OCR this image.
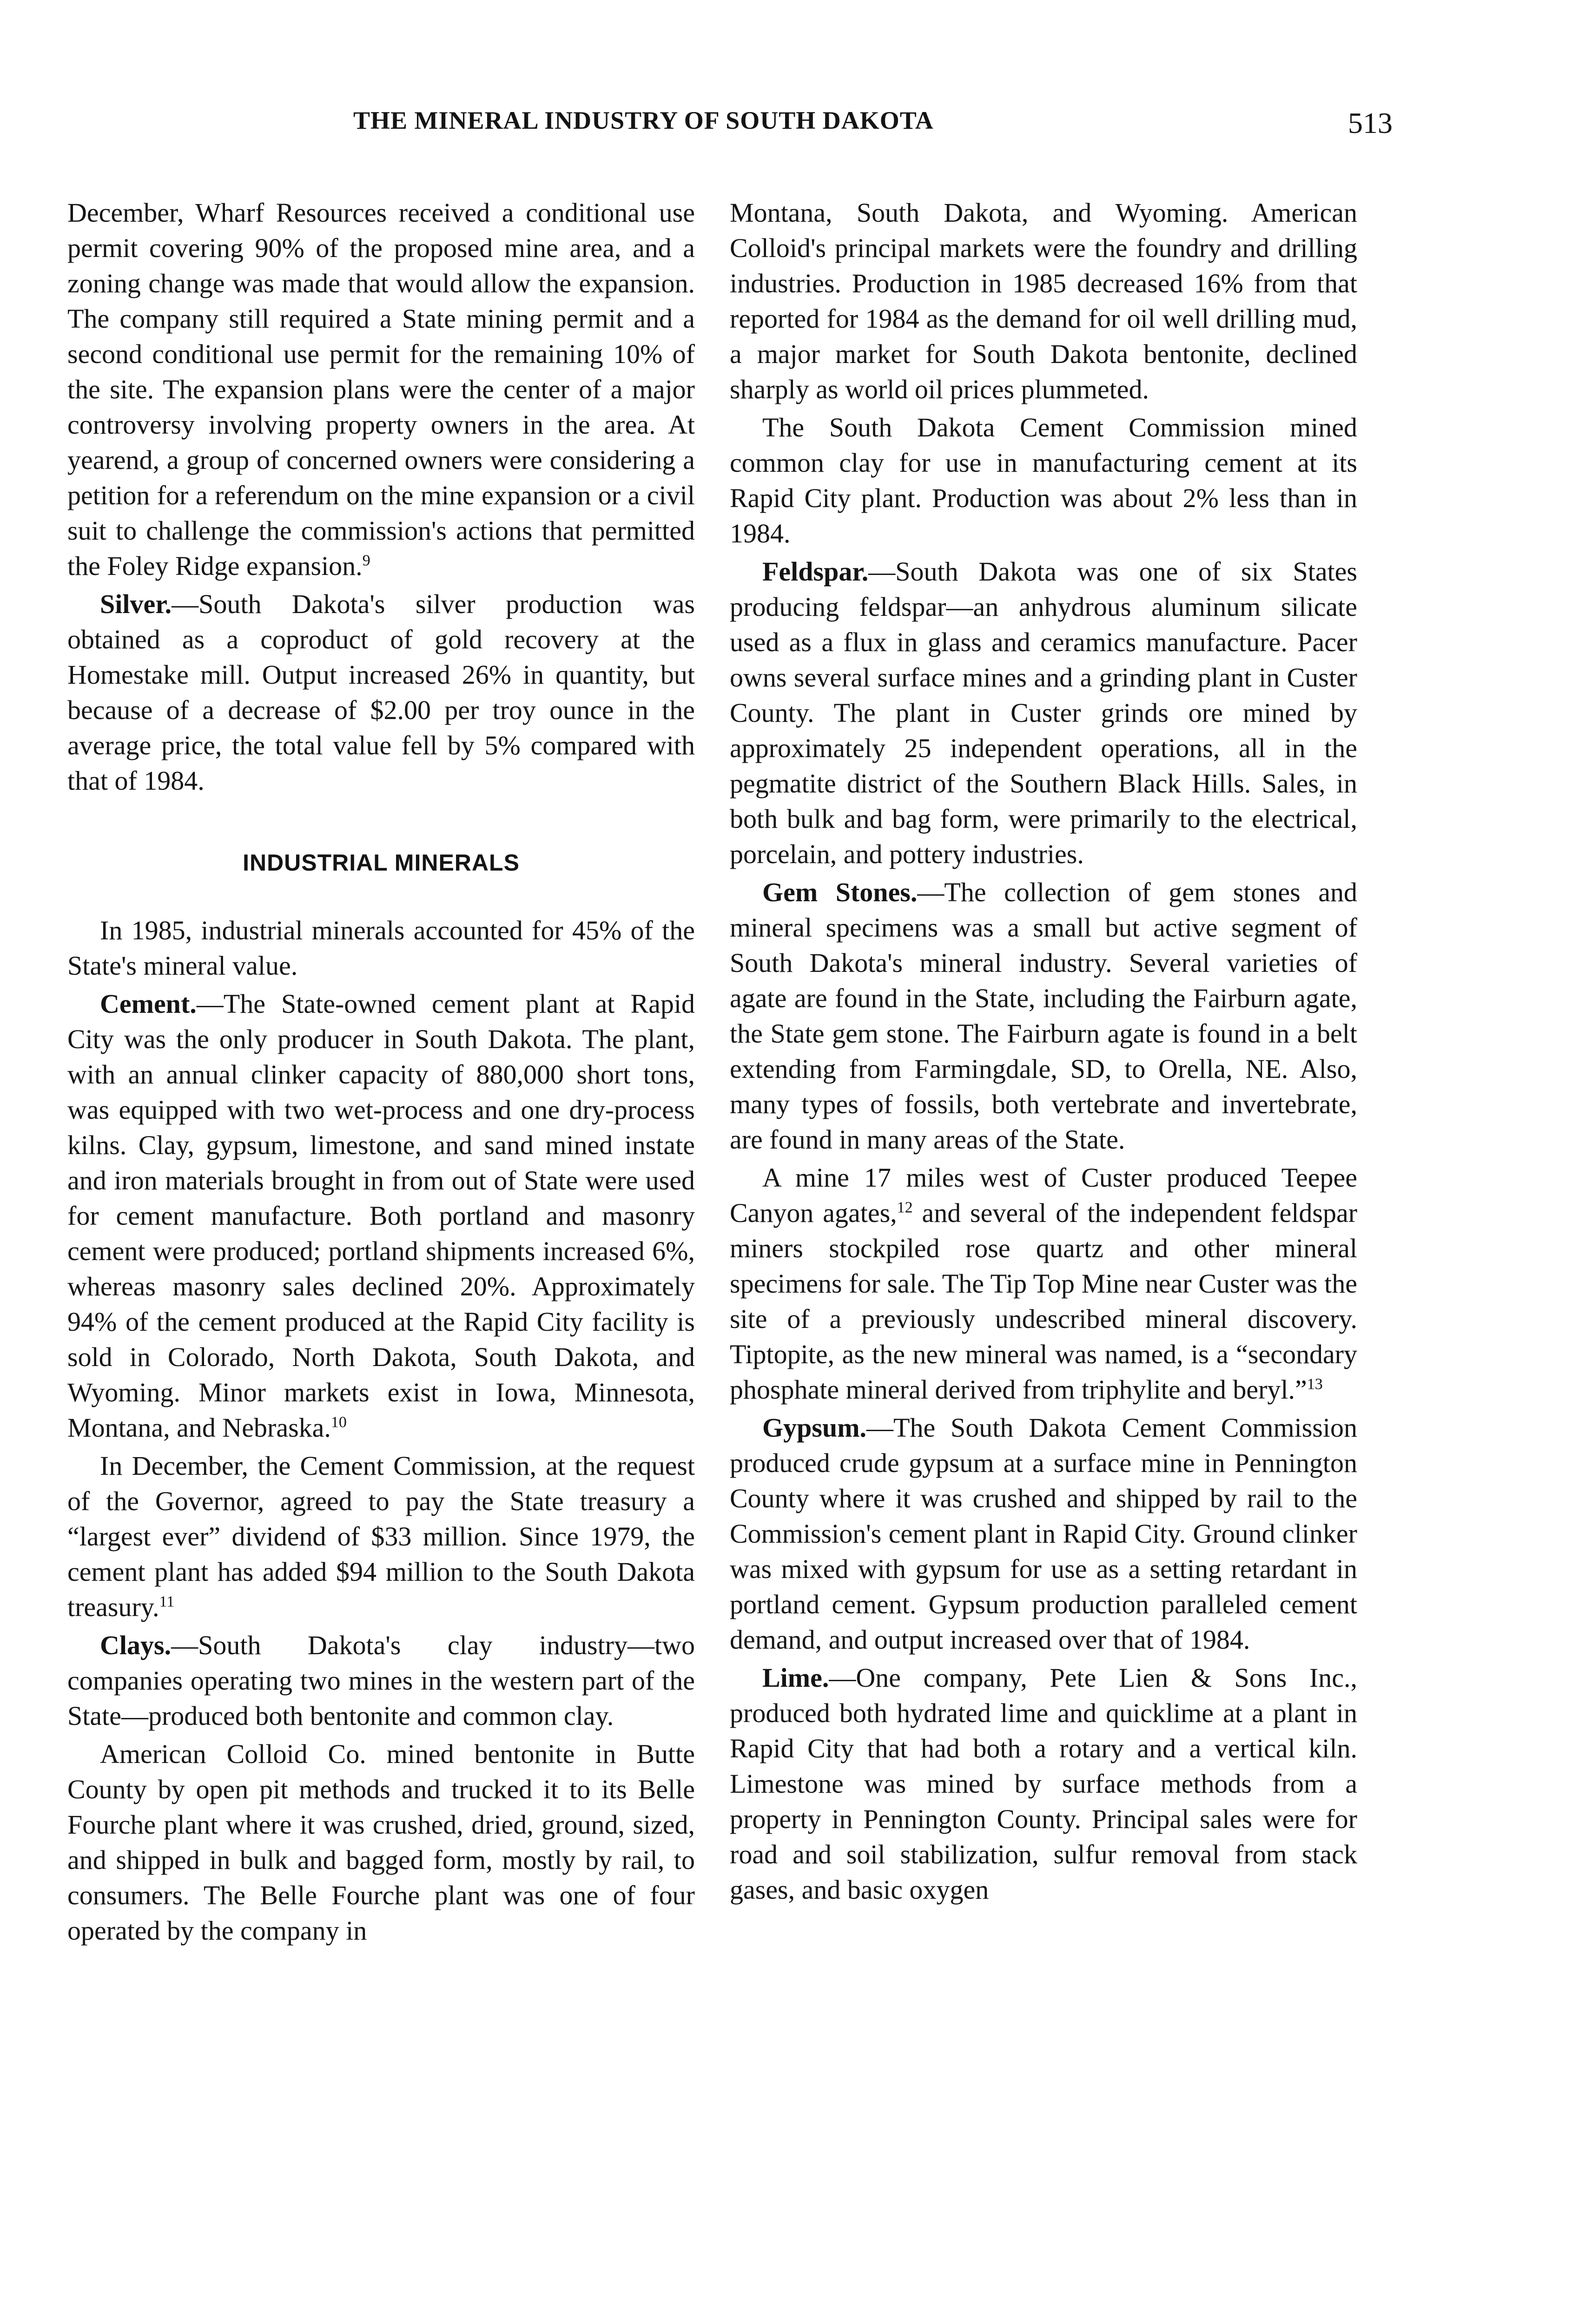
THE MINERAL INDUSTRY OF SOUTH DAKOTA	513

December, Wharf Resources received a conditional use permit covering 90% of the proposed mine area, and a zoning change was made that would allow the expansion. The company still required a State mining permit and a second conditional use permit for the remaining 10% of the site. The expansion plans were the center of a major controversy involving property owners in the area. At yearend, a group of concerned owners were considering a petition for a referendum on the mine expansion or a civil suit to challenge the commission's actions that permitted the Foley Ridge expansion.$^9$

Silver.—South Dakota's silver production was obtained as a coproduct of gold recovery at the Homestake mill. Output increased 26% in quantity, but because of a decrease of $2.00 per troy ounce in the average price, the total value fell by 5% compared with that of 1984.

INDUSTRIAL MINERALS

In 1985, industrial minerals accounted for 45% of the State's mineral value.

Cement.—The State-owned cement plant at Rapid City was the only producer in South Dakota. The plant, with an annual clinker capacity of 880,000 short tons, was equipped with two wet-process and one dry-process kilns. Clay, gypsum, limestone, and sand mined instate and iron materials brought in from out of State were used for cement manufacture. Both portland and masonry cement were produced; portland shipments increased 6%, whereas masonry sales declined 20%. Approximately 94% of the cement produced at the Rapid City facility is sold in Colorado, North Dakota, South Dakota, and Wyoming. Minor markets exist in Iowa, Minnesota, Montana, and Nebraska.$^{10}$

In December, the Cement Commission, at the request of the Governor, agreed to pay the State treasury a “largest ever” dividend of $33 million. Since 1979, the cement plant has added $94 million to the South Dakota treasury.$^{11}$

Clays.—South Dakota's clay industry—two companies operating two mines in the western part of the State—produced both bentonite and common clay.

American Colloid Co. mined bentonite in Butte County by open pit methods and trucked it to its Belle Fourche plant where it was crushed, dried, ground, sized, and shipped in bulk and bagged form, mostly by rail, to consumers. The Belle Fourche plant was one of four operated by the company in

Montana, South Dakota, and Wyoming. American Colloid's principal markets were the foundry and drilling industries. Production in 1985 decreased 16% from that reported for 1984 as the demand for oil well drilling mud, a major market for South Dakota bentonite, declined sharply as world oil prices plummeted.

The South Dakota Cement Commission mined common clay for use in manufacturing cement at its Rapid City plant. Production was about 2% less than in 1984.

Feldspar.—South Dakota was one of six States producing feldspar—an anhydrous aluminum silicate used as a flux in glass and ceramics manufacture. Pacer owns several surface mines and a grinding plant in Custer County. The plant in Custer grinds ore mined by approximately 25 independent operations, all in the pegmatite district of the Southern Black Hills. Sales, in both bulk and bag form, were primarily to the electrical, porcelain, and pottery industries.

Gem Stones.—The collection of gem stones and mineral specimens was a small but active segment of South Dakota's mineral industry. Several varieties of agate are found in the State, including the Fairburn agate, the State gem stone. The Fairburn agate is found in a belt extending from Farmingdale, SD, to Orella, NE. Also, many types of fossils, both vertebrate and invertebrate, are found in many areas of the State.

A mine 17 miles west of Custer produced Teepee Canyon agates,$^{12}$ and several of the independent feldspar miners stockpiled rose quartz and other mineral specimens for sale. The Tip Top Mine near Custer was the site of a previously undescribed mineral discovery. Tiptopite, as the new mineral was named, is a “secondary phosphate mineral derived from triphylite and beryl.”$^{13}$

Gypsum.—The South Dakota Cement Commission produced crude gypsum at a surface mine in Pennington County where it was crushed and shipped by rail to the Commission's cement plant in Rapid City. Ground clinker was mixed with gypsum for use as a setting retardant in portland cement. Gypsum production paralleled cement demand, and output increased over that of 1984.

Lime.—One company, Pete Lien & Sons Inc., produced both hydrated lime and quicklime at a plant in Rapid City that had both a rotary and a vertical kiln. Limestone was mined by surface methods from a property in Pennington County. Principal sales were for road and soil stabilization, sulfur removal from stack gases, and basic oxygen
